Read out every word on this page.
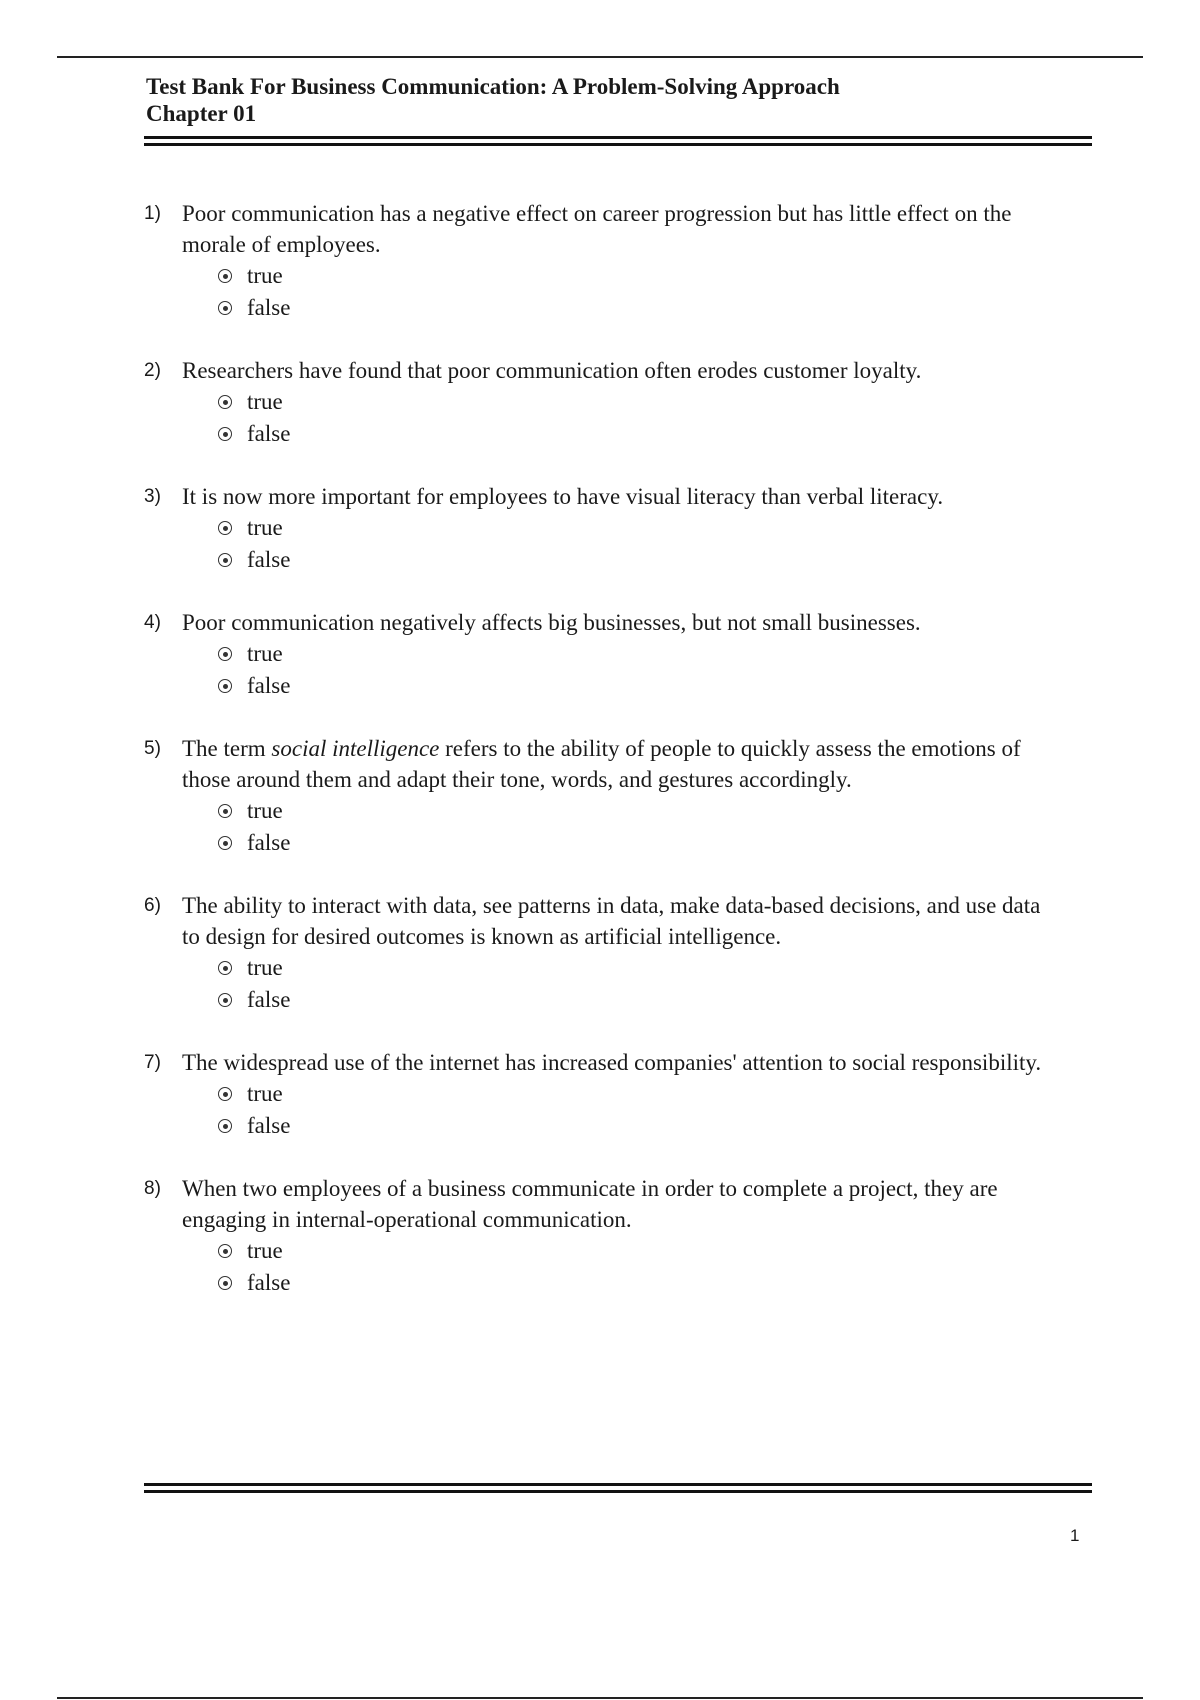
Test Bank For Business Communication: A Problem-Solving Approach

Chapter 01

1) Poor communication has a negative effect on career progression but has little effect on the
morale of employees.
true
false
2) Researchers have found that poor communication often erodes customer loyalty.
true
false
3) It is now more important for employees to have visual literacy than verbal literacy.
true
false
4) Poor communication negatively affects big businesses, but not small businesses.
true
false
5) The term social intelligence refers to the ability of people to quickly assess the emotions of
those around them and adapt their tone, words, and gestures accordingly.
true
false
6) The ability to interact with data, see patterns in data, make data-based decisions, and use data
to design for desired outcomes is known as artificial intelligence.
true
false
7) The widespread use of the internet has increased companies' attention to social responsibility.
true
false
8) When two employees of a business communicate in order to complete a project, they are
engaging in internal-operational communication.
true
false
1
